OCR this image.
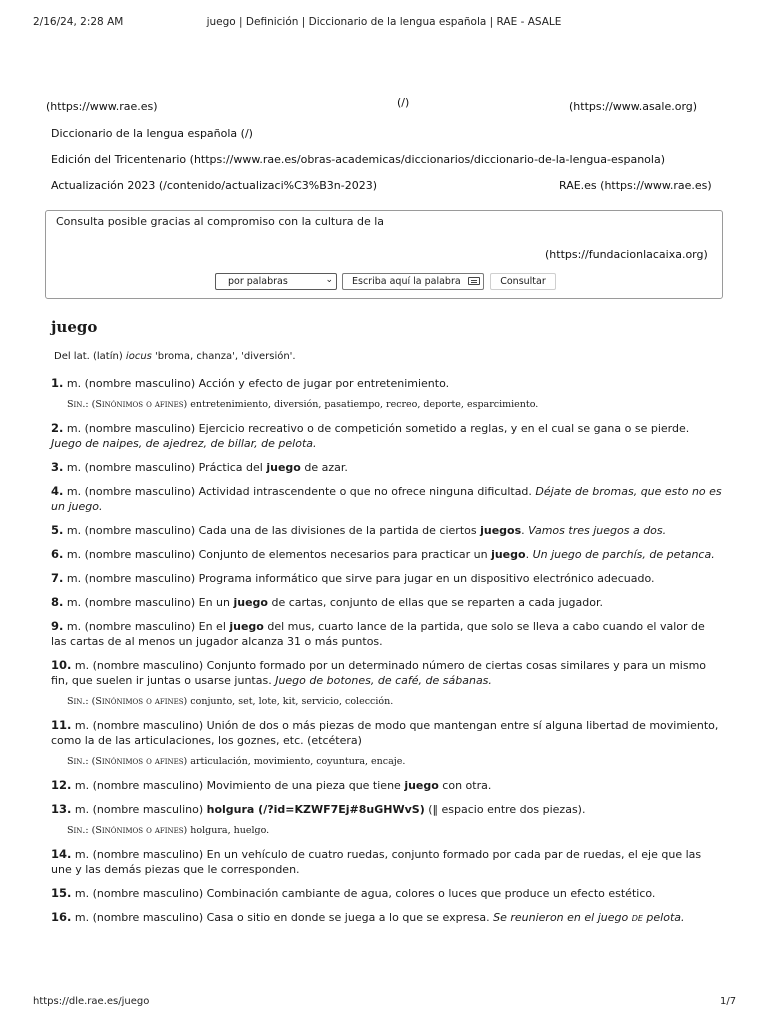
2/16/24, 2:28 AM	juego | Definición | Diccionario de la lengua española | RAE - ASALE
(https://www.rae.es)	(/)	(https://www.asale.org)
Diccionario de la lengua española (/)
Edición del Tricentenario (https://www.rae.es/obras-academicas/diccionarios/diccionario-de-la-lengua-espanola)
Actualización 2023 (/contenido/actualizaci%C3%B3n-2023)	RAE.es (https://www.rae.es)
Consulta posible gracias al compromiso con la cultura de la
(https://fundacionlacaixa.org)
por palabras	⌄	Escriba aquí la palabra	Consultar
juego
Del lat. (latín) iocus 'broma, chanza', 'diversión'.
1. m. (nombre masculino) Acción y efecto de jugar por entretenimiento.
Sin.: (Sinónimos o afines) entretenimiento, diversión, pasatiempo, recreo, deporte, esparcimiento.
2. m. (nombre masculino) Ejercicio recreativo o de competición sometido a reglas, y en el cual se gana o se pierde. Juego de naipes, de ajedrez, de billar, de pelota.
3. m. (nombre masculino) Práctica del juego de azar.
4. m. (nombre masculino) Actividad intrascendente o que no ofrece ninguna dificultad. Déjate de bromas, que esto no es un juego.
5. m. (nombre masculino) Cada una de las divisiones de la partida de ciertos juegos. Vamos tres juegos a dos.
6. m. (nombre masculino) Conjunto de elementos necesarios para practicar un juego. Un juego de parchís, de petanca.
7. m. (nombre masculino) Programa informático que sirve para jugar en un dispositivo electrónico adecuado.
8. m. (nombre masculino) En un juego de cartas, conjunto de ellas que se reparten a cada jugador.
9. m. (nombre masculino) En el juego del mus, cuarto lance de la partida, que solo se lleva a cabo cuando el valor de las cartas de al menos un jugador alcanza 31 o más puntos.
10. m. (nombre masculino) Conjunto formado por un determinado número de ciertas cosas similares y para un mismo fin, que suelen ir juntas o usarse juntas. Juego de botones, de café, de sábanas.
Sin.: (Sinónimos o afines) conjunto, set, lote, kit, servicio, colección.
11. m. (nombre masculino) Unión de dos o más piezas de modo que mantengan entre sí alguna libertad de movimiento, como la de las articulaciones, los goznes, etc. (etcétera)
Sin.: (Sinónimos o afines) articulación, movimiento, coyuntura, encaje.
12. m. (nombre masculino) Movimiento de una pieza que tiene juego con otra.
13. m. (nombre masculino) holgura (/?id=KZWF7Ej#8uGHWvS) (‖ espacio entre dos piezas).
Sin.: (Sinónimos o afines) holgura, huelgo.
14. m. (nombre masculino) En un vehículo de cuatro ruedas, conjunto formado por cada par de ruedas, el eje que las une y las demás piezas que le corresponden.
15. m. (nombre masculino) Combinación cambiante de agua, colores o luces que produce un efecto estético.
16. m. (nombre masculino) Casa o sitio en donde se juega a lo que se expresa. Se reunieron en el juego de pelota.
https://dle.rae.es/juego	1/7
